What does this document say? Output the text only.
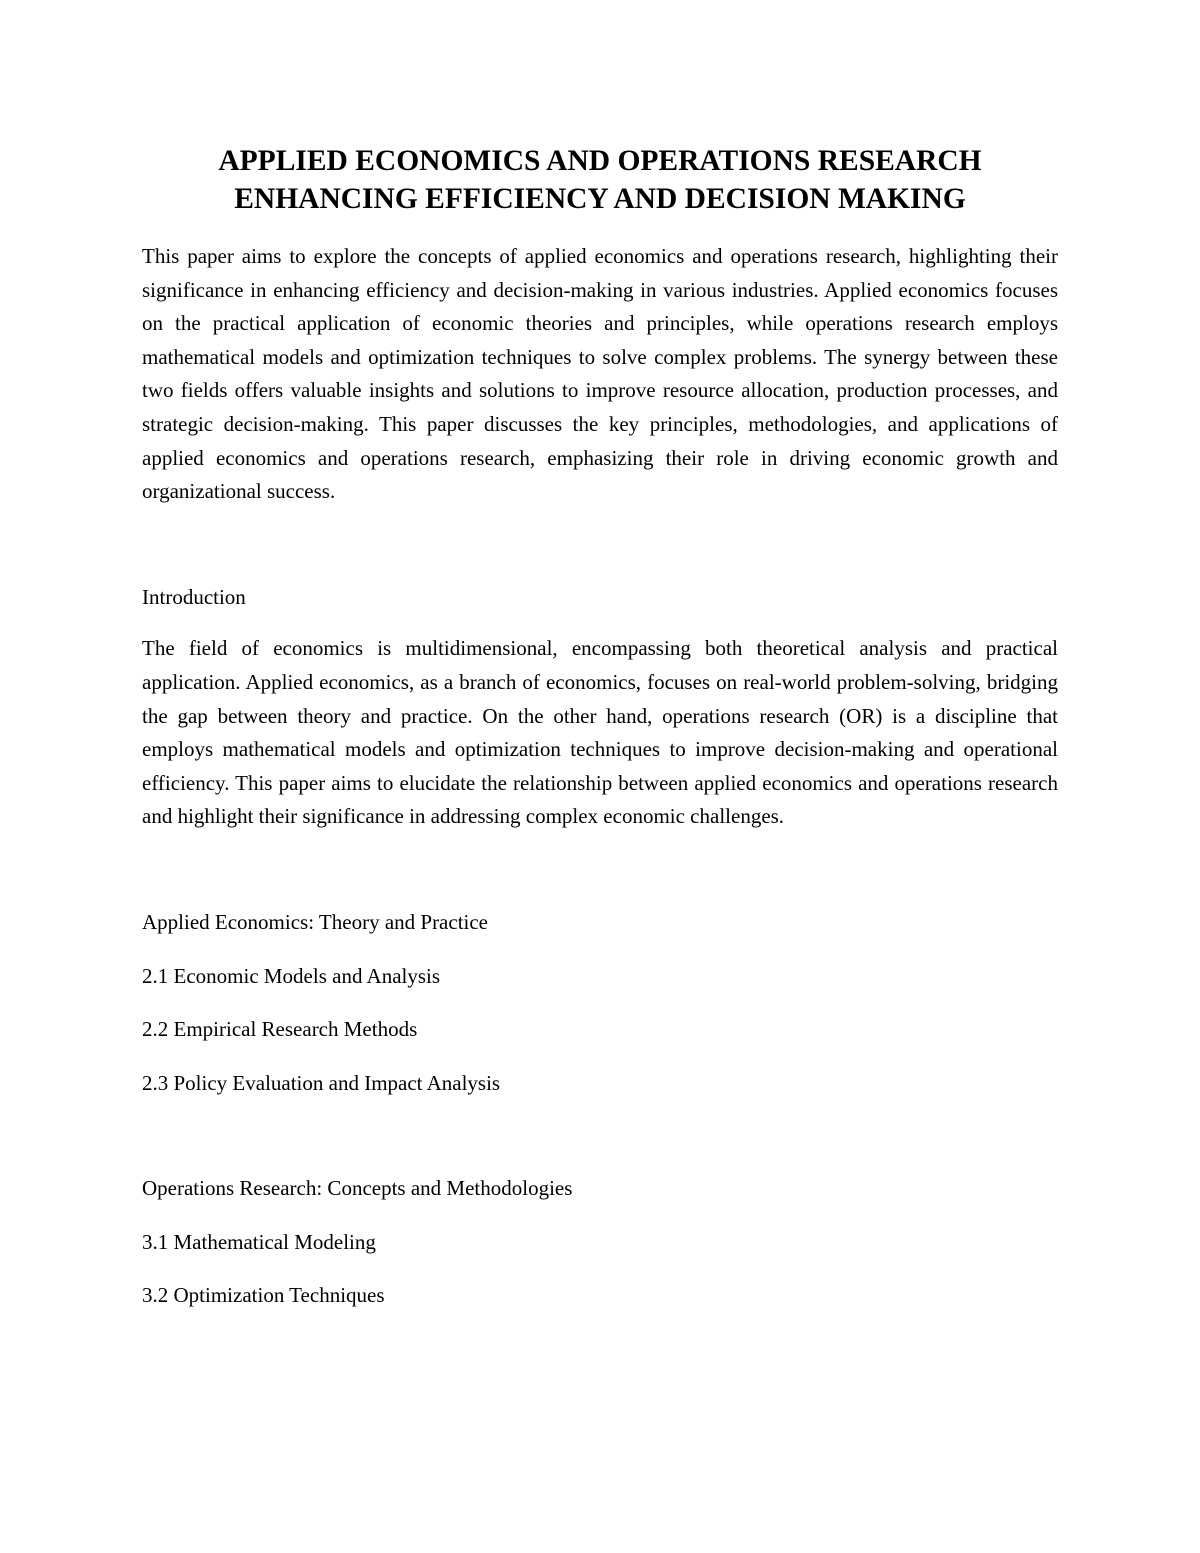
APPLIED ECONOMICS AND OPERATIONS RESEARCH
ENHANCING EFFICIENCY AND DECISION MAKING

This paper aims to explore the concepts of applied economics and operations research, highlighting their significance in enhancing efficiency and decision-making in various industries. Applied economics focuses on the practical application of economic theories and principles, while operations research employs mathematical models and optimization techniques to solve complex problems. The synergy between these two fields offers valuable insights and solutions to improve resource allocation, production processes, and strategic decision-making. This paper discusses the key principles, methodologies, and applications of applied economics and operations research, emphasizing their role in driving economic growth and organizational success.

Introduction

The field of economics is multidimensional, encompassing both theoretical analysis and practical application. Applied economics, as a branch of economics, focuses on real-world problem-solving, bridging the gap between theory and practice. On the other hand, operations research (OR) is a discipline that employs mathematical models and optimization techniques to improve decision-making and operational efficiency. This paper aims to elucidate the relationship between applied economics and operations research and highlight their significance in addressing complex economic challenges.

Applied Economics: Theory and Practice

2.1 Economic Models and Analysis

2.2 Empirical Research Methods

2.3 Policy Evaluation and Impact Analysis

Operations Research: Concepts and Methodologies

3.1 Mathematical Modeling

3.2 Optimization Techniques
